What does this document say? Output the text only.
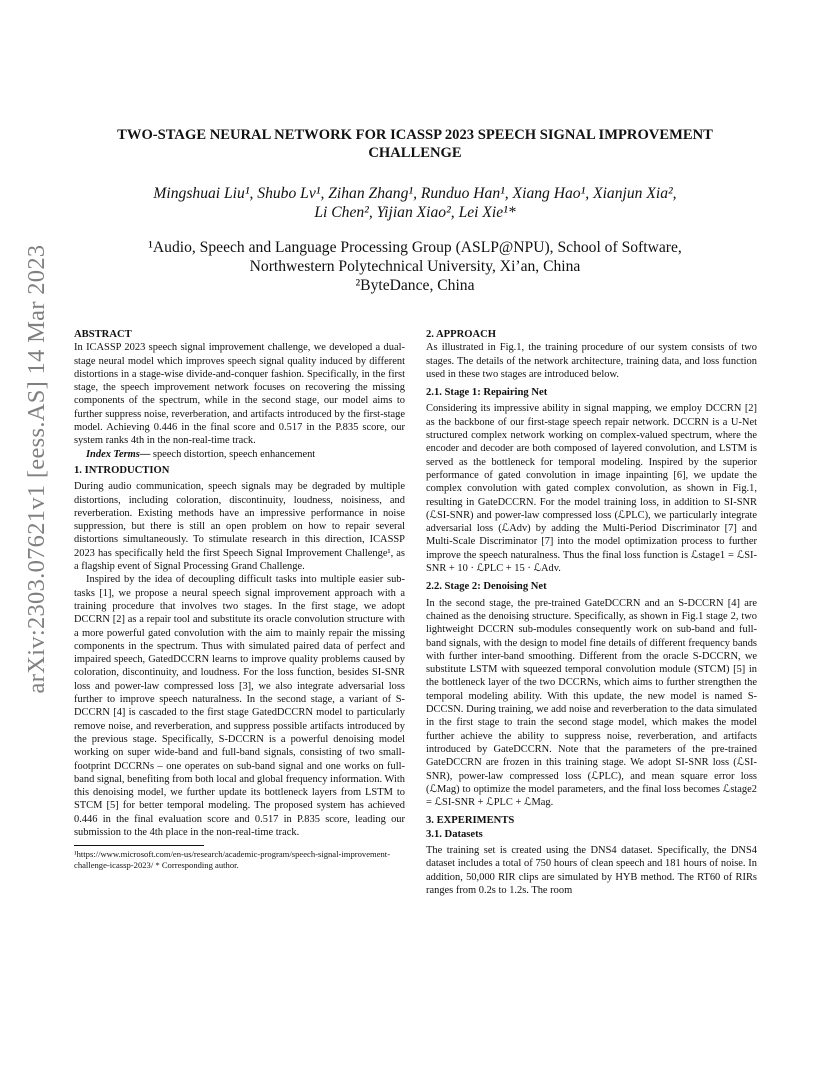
arXiv:2303.07621v1 [eess.AS] 14 Mar 2023
TWO-STAGE NEURAL NETWORK FOR ICASSP 2023 SPEECH SIGNAL IMPROVEMENT CHALLENGE
Mingshuai Liu¹, Shubo Lv¹, Zihan Zhang¹, Runduo Han¹, Xiang Hao¹, Xianjun Xia²,
Li Chen², Yijian Xiao², Lei Xie¹*
¹Audio, Speech and Language Processing Group (ASLP@NPU), School of Software,
Northwestern Polytechnical University, Xi’an, China
²ByteDance, China

ABSTRACT

In ICASSP 2023 speech signal improvement challenge, we developed a dual-stage neural model which improves speech signal quality induced by different distortions in a stage-wise divide-and-conquer fashion. Specifically, in the first stage, the speech improvement network focuses on recovering the missing components of the spectrum, while in the second stage, our model aims to further suppress noise, reverberation, and artifacts introduced by the first-stage model. Achieving 0.446 in the final score and 0.517 in the P.835 score, our system ranks 4th in the non-real-time track.

Index Terms— speech distortion, speech enhancement

1. INTRODUCTION

During audio communication, speech signals may be degraded by multiple distortions, including coloration, discontinuity, loudness, noisiness, and reverberation. Existing methods have an impressive performance in noise suppression, but there is still an open problem on how to repair several distortions simultaneously. To stimulate research in this direction, ICASSP 2023 has specifically held the first Speech Signal Improvement Challenge¹, as a flagship event of Signal Processing Grand Challenge.

Inspired by the idea of decoupling difficult tasks into multiple easier sub-tasks [1], we propose a neural speech signal improvement approach with a training procedure that involves two stages. In the first stage, we adopt DCCRN [2] as a repair tool and substitute its oracle convolution structure with a more powerful gated convolution with the aim to mainly repair the missing components in the spectrum. Thus with simulated paired data of perfect and impaired speech, GatedDCCRN learns to improve quality problems caused by coloration, discontinuity, and loudness. For the loss function, besides SI-SNR loss and power-law compressed loss [3], we also integrate adversarial loss further to improve speech naturalness. In the second stage, a variant of S-DCCRN [4] is cascaded to the first stage GatedDCCRN model to particularly remove noise, and reverberation, and suppress possible artifacts introduced by the previous stage. Specifically, S-DCCRN is a powerful denoising model working on super wide-band and full-band signals, consisting of two small-footprint DCCRNs – one operates on sub-band signal and one works on full-band signal, benefiting from both local and global frequency information. With this denoising model, we further update its bottleneck layers from LSTM to STCM [5] for better temporal modeling. The proposed system has achieved 0.446 in the final evaluation score and 0.517 in P.835 score, leading our submission to the 4th place in the non-real-time track.

¹https://www.microsoft.com/en-us/research/academic-program/speech-signal-improvement-challenge-icassp-2023/ * Corresponding author.

2. APPROACH

As illustrated in Fig.1, the training procedure of our system consists of two stages. The details of the network architecture, training data, and loss function used in these two stages are introduced below.

2.1. Stage 1: Repairing Net

Considering its impressive ability in signal mapping, we employ DCCRN [2] as the backbone of our first-stage speech repair network. DCCRN is a U-Net structured complex network working on complex-valued spectrum, where the encoder and decoder are both composed of layered convolution, and LSTM is served as the bottleneck for temporal modeling. Inspired by the superior performance of gated convolution in image inpainting [6], we update the complex convolution with gated complex convolution, as shown in Fig.1, resulting in GateDCCRN. For the model training loss, in addition to SI-SNR (ℒSI-SNR) and power-law compressed loss (ℒPLC), we particularly integrate adversarial loss (ℒAdv) by adding the Multi-Period Discriminator [7] and Multi-Scale Discriminator [7] into the model optimization process to further improve the speech naturalness. Thus the final loss function is ℒstage1 = ℒSI-SNR + 10 · ℒPLC + 15 · ℒAdv.

2.2. Stage 2: Denoising Net

In the second stage, the pre-trained GateDCCRN and an S-DCCRN [4] are chained as the denoising structure. Specifically, as shown in Fig.1 stage 2, two lightweight DCCRN sub-modules consequently work on sub-band and full-band signals, with the design to model fine details of different frequency bands with further inter-band smoothing. Different from the oracle S-DCCRN, we substitute LSTM with squeezed temporal convolution module (STCM) [5] in the bottleneck layer of the two DCCRNs, which aims to further strengthen the temporal modeling ability. With this update, the new model is named S-DCCSN. During training, we add noise and reverberation to the data simulated in the first stage to train the second stage model, which makes the model further achieve the ability to suppress noise, reverberation, and artifacts introduced by GateDCCRN. Note that the parameters of the pre-trained GateDCCRN are frozen in this training stage. We adopt SI-SNR loss (ℒSI-SNR), power-law compressed loss (ℒPLC), and mean square error loss (ℒMag) to optimize the model parameters, and the final loss becomes ℒstage2 = ℒSI-SNR + ℒPLC + ℒMag.

3. EXPERIMENTS

3.1. Datasets

The training set is created using the DNS4 dataset. Specifically, the DNS4 dataset includes a total of 750 hours of clean speech and 181 hours of noise. In addition, 50,000 RIR clips are simulated by HYB method. The RT60 of RIRs ranges from 0.2s to 1.2s. The room
